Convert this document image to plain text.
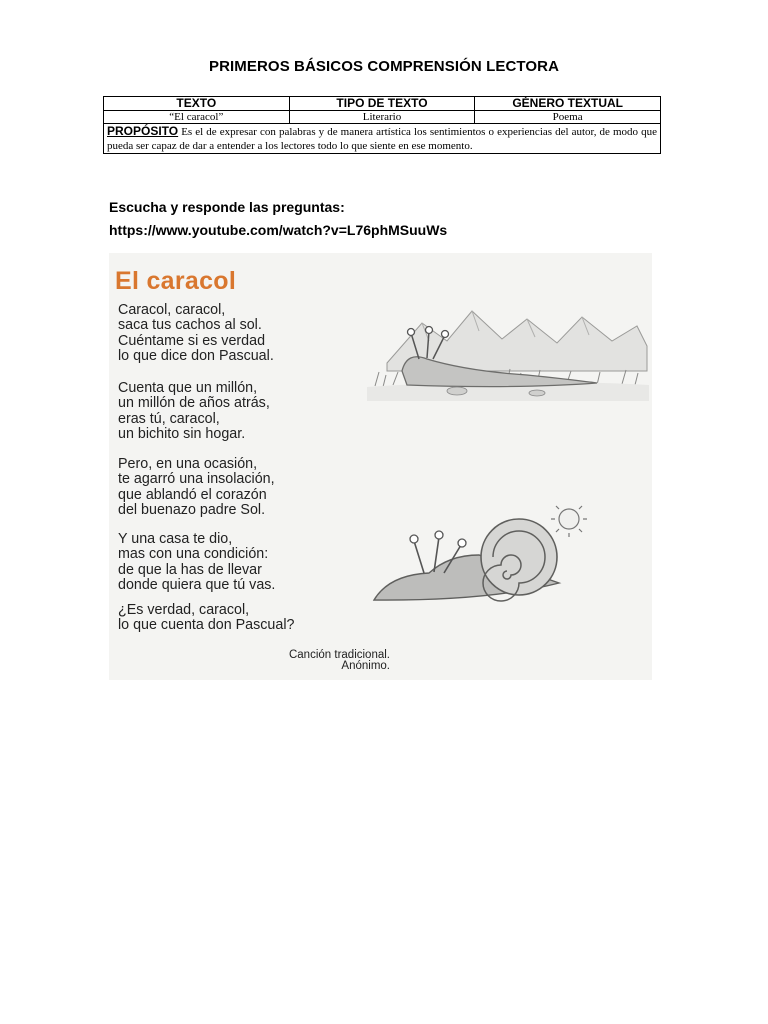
PRIMEROS BÁSICOS COMPRENSIÓN LECTORA
TEXTO	TIPO DE TEXTO	GÉNERO TEXTUAL
“El caracol”	Literario	Poema
PROPÓSITO Es el de expresar con palabras y de manera artística los sentimientos o experiencias del autor, de modo que pueda ser capaz de dar a entender a los lectores todo lo que siente en ese momento.		
Escucha y responde las preguntas:
https://www.youtube.com/watch?v=L76phMSuuWs
El caracol
Caracol, caracol,
saca tus cachos al sol.
Cuéntame si es verdad
lo que dice don Pascual.
Cuenta que un millón,
un millón de años atrás,
eras tú, caracol,
un bichito sin hogar.
Pero, en una ocasión,
te agarró una insolación,
que ablandó el corazón
del buenazo padre Sol.
Y una casa te dio,
mas con una condición:
de que la has de llevar
donde quiera que tú vas.
¿Es verdad, caracol,
lo que cuenta don Pascual?
Canción tradicional.
Anónimo.
